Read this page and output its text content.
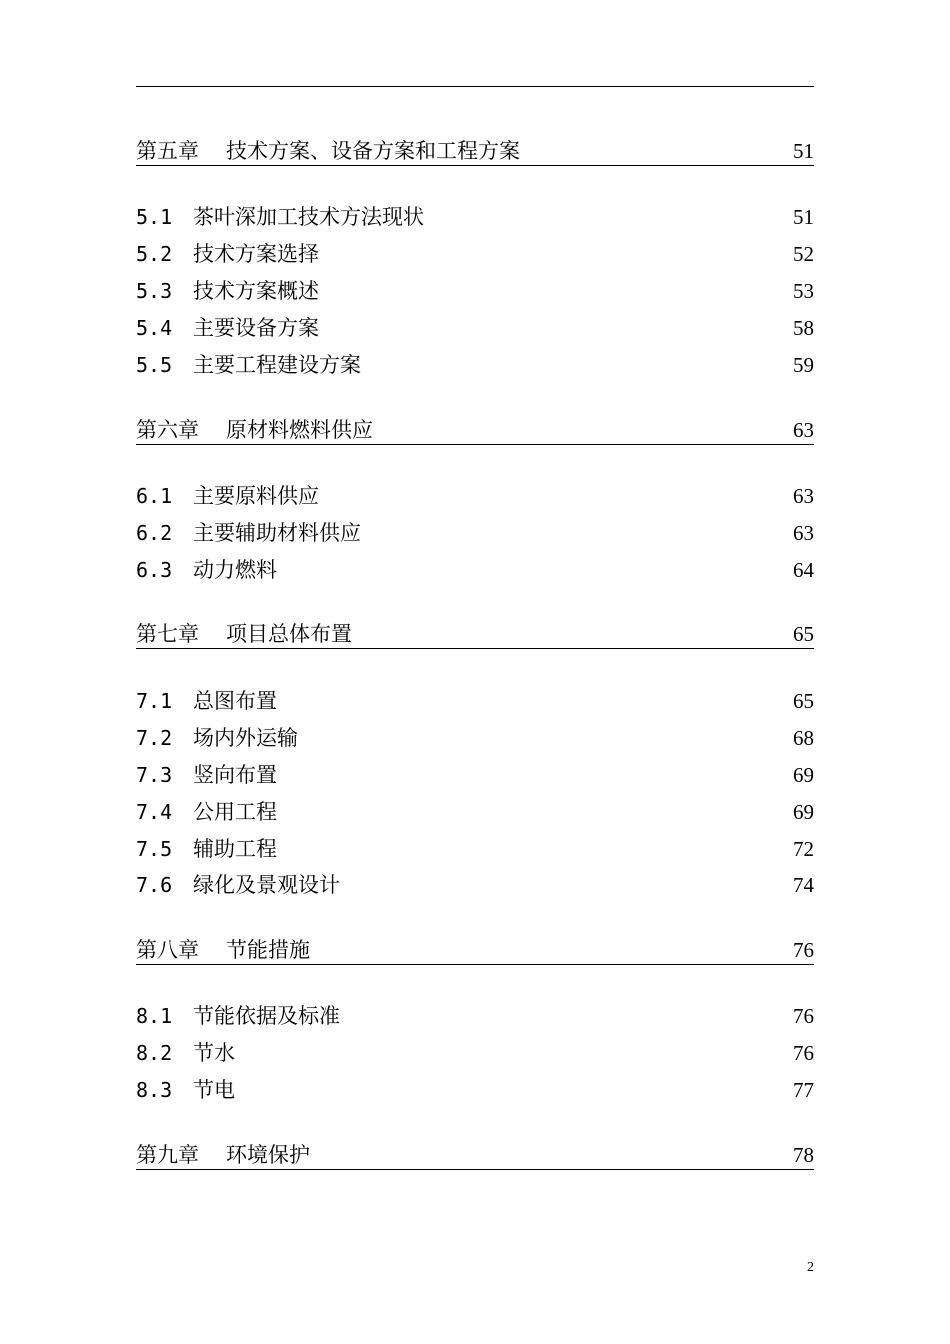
第五章 技术方案、设备方案和工程方案	51
5.1 茶叶深加工技术方法现状	51
5.2 技术方案选择	52
5.3 技术方案概述	53
5.4 主要设备方案	58
5.5 主要工程建设方案	59
第六章 原材料燃料供应	63
6.1 主要原料供应	63
6.2 主要辅助材料供应	63
6.3 动力燃料	64
第七章 项目总体布置	65
7.1 总图布置	65
7.2 场内外运输	68
7.3 竖向布置	69
7.4 公用工程	69
7.5 辅助工程	72
7.6 绿化及景观设计	74
第八章 节能措施	76
8.1 节能依据及标准	76
8.2 节水	76
8.3 节电	77
第九章 环境保护	78
2
